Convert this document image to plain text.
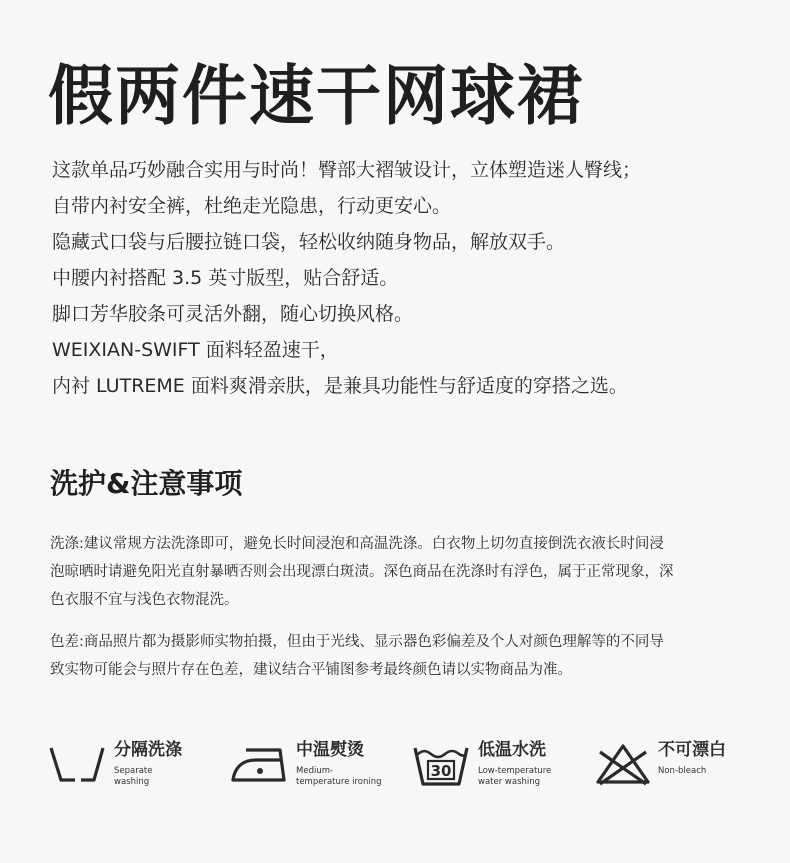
假两件速干网球裙
这款单品巧妙融合实用与时尚！臀部大褶皱设计，立体塑造迷人臀线；
自带内衬安全裤，杜绝走光隐患，行动更安心。
隐藏式口袋与后腰拉链口袋，轻松收纳随身物品，解放双手。
中腰内衬搭配 3.5 英寸版型，贴合舒适。
脚口芳华胶条可灵活外翻，随心切换风格。
WEIXIAN-SWIFT 面料轻盈速干，
内衬 LUTREME 面料爽滑亲肤，是兼具功能性与舒适度的穿搭之选。
洗护&注意事项
洗涤:建议常规方法洗涤即可，避免长时间浸泡和高温洗涤。白衣物上切勿直接倒洗衣液长时间浸
泡晾晒时请避免阳光直射暴晒否则会出现漂白斑渍。深色商品在洗涤时有浮色，属于正常现象，深
色衣服不宜与浅色衣物混洗。
色差:商品照片都为摄影师实物拍摄，但由于光线、显示器色彩偏差及个人对颜色理解等的不同导
致实物可能会与照片存在色差，建议结合平铺图参考最终颜色请以实物商品为准。
分隔洗涤
Separate
washing
中温熨烫
Medium-
temperature ironing
30
低温水洗
Low-temperature
water washing
不可漂白
Non-bleach
